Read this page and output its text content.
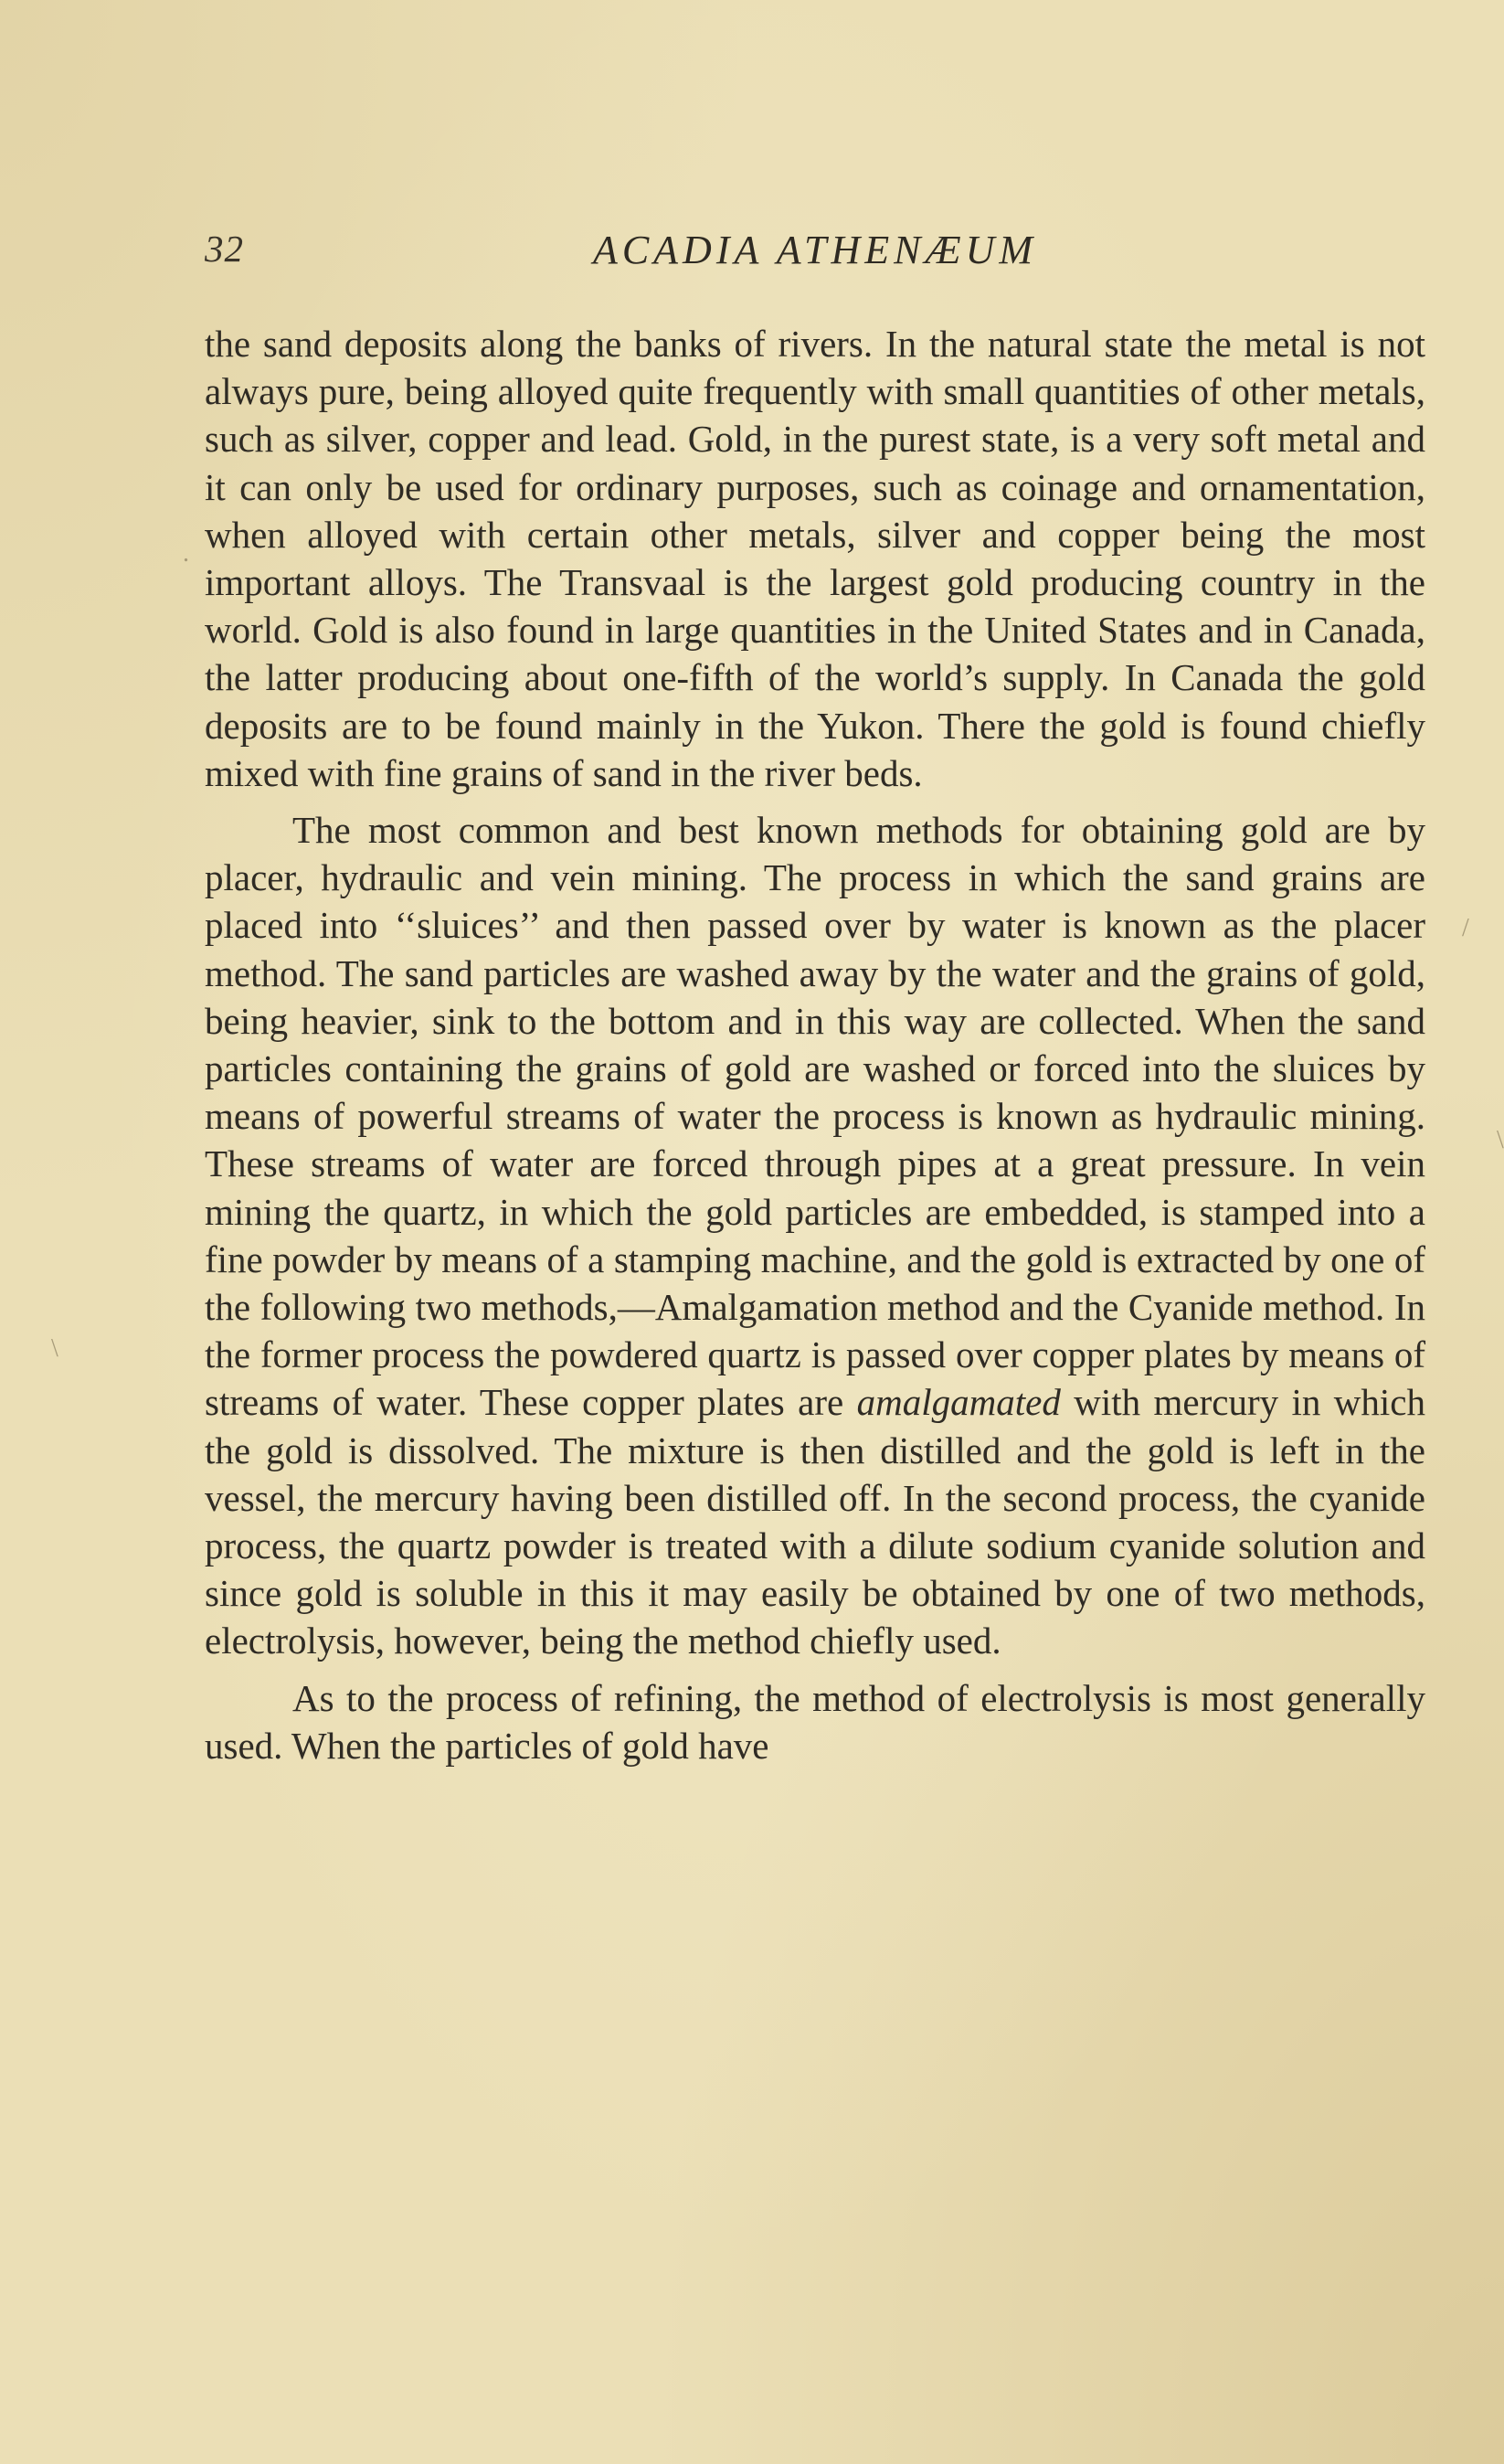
32	ACADIA ATHENÆUM

the sand deposits along the banks of rivers. In the natural state the metal is not always pure, being alloyed quite frequently with small quantities of other metals, such as silver, copper and lead. Gold, in the purest state, is a very soft metal and it can only be used for ordinary purposes, such as coinage and ornamentation, when alloyed with certain other metals, silver and copper being the most important alloys. The Transvaal is the largest gold producing country in the world. Gold is also found in large quantities in the United States and in Canada, the latter producing about one-fifth of the world’s supply. In Canada the gold deposits are to be found mainly in the Yukon. There the gold is found chiefly mixed with fine grains of sand in the river beds.

The most common and best known methods for obtaining gold are by placer, hydraulic and vein mining. The process in which the sand grains are placed into ‘‘sluices’’ and then passed over by water is known as the placer method. The sand particles are washed away by the water and the grains of gold, being heavier, sink to the bottom and in this way are collected. When the sand particles containing the grains of gold are washed or forced into the sluices by means of powerful streams of water the process is known as hydraulic mining. These streams of water are forced through pipes at a great pressure. In vein mining the quartz, in which the gold particles are embedded, is stamped into a fine powder by means of a stamping machine, and the gold is extracted by one of the following two methods,—Amalgamation method and the Cyanide method. In the former process the powdered quartz is passed over copper plates by means of streams of water. These copper plates are amalgamated with mercury in which the gold is dissolved. The mixture is then distilled and the gold is left in the vessel, the mercury having been distilled off. In the second process, the cyanide process, the quartz powder is treated with a dilute sodium cyanide solution and since gold is soluble in this it may easily be obtained by one of two methods, electrolysis, however, being the method chiefly used.

As to the process of refining, the method of electrolysis is most generally used. When the particles of gold have

/
\
\
.
